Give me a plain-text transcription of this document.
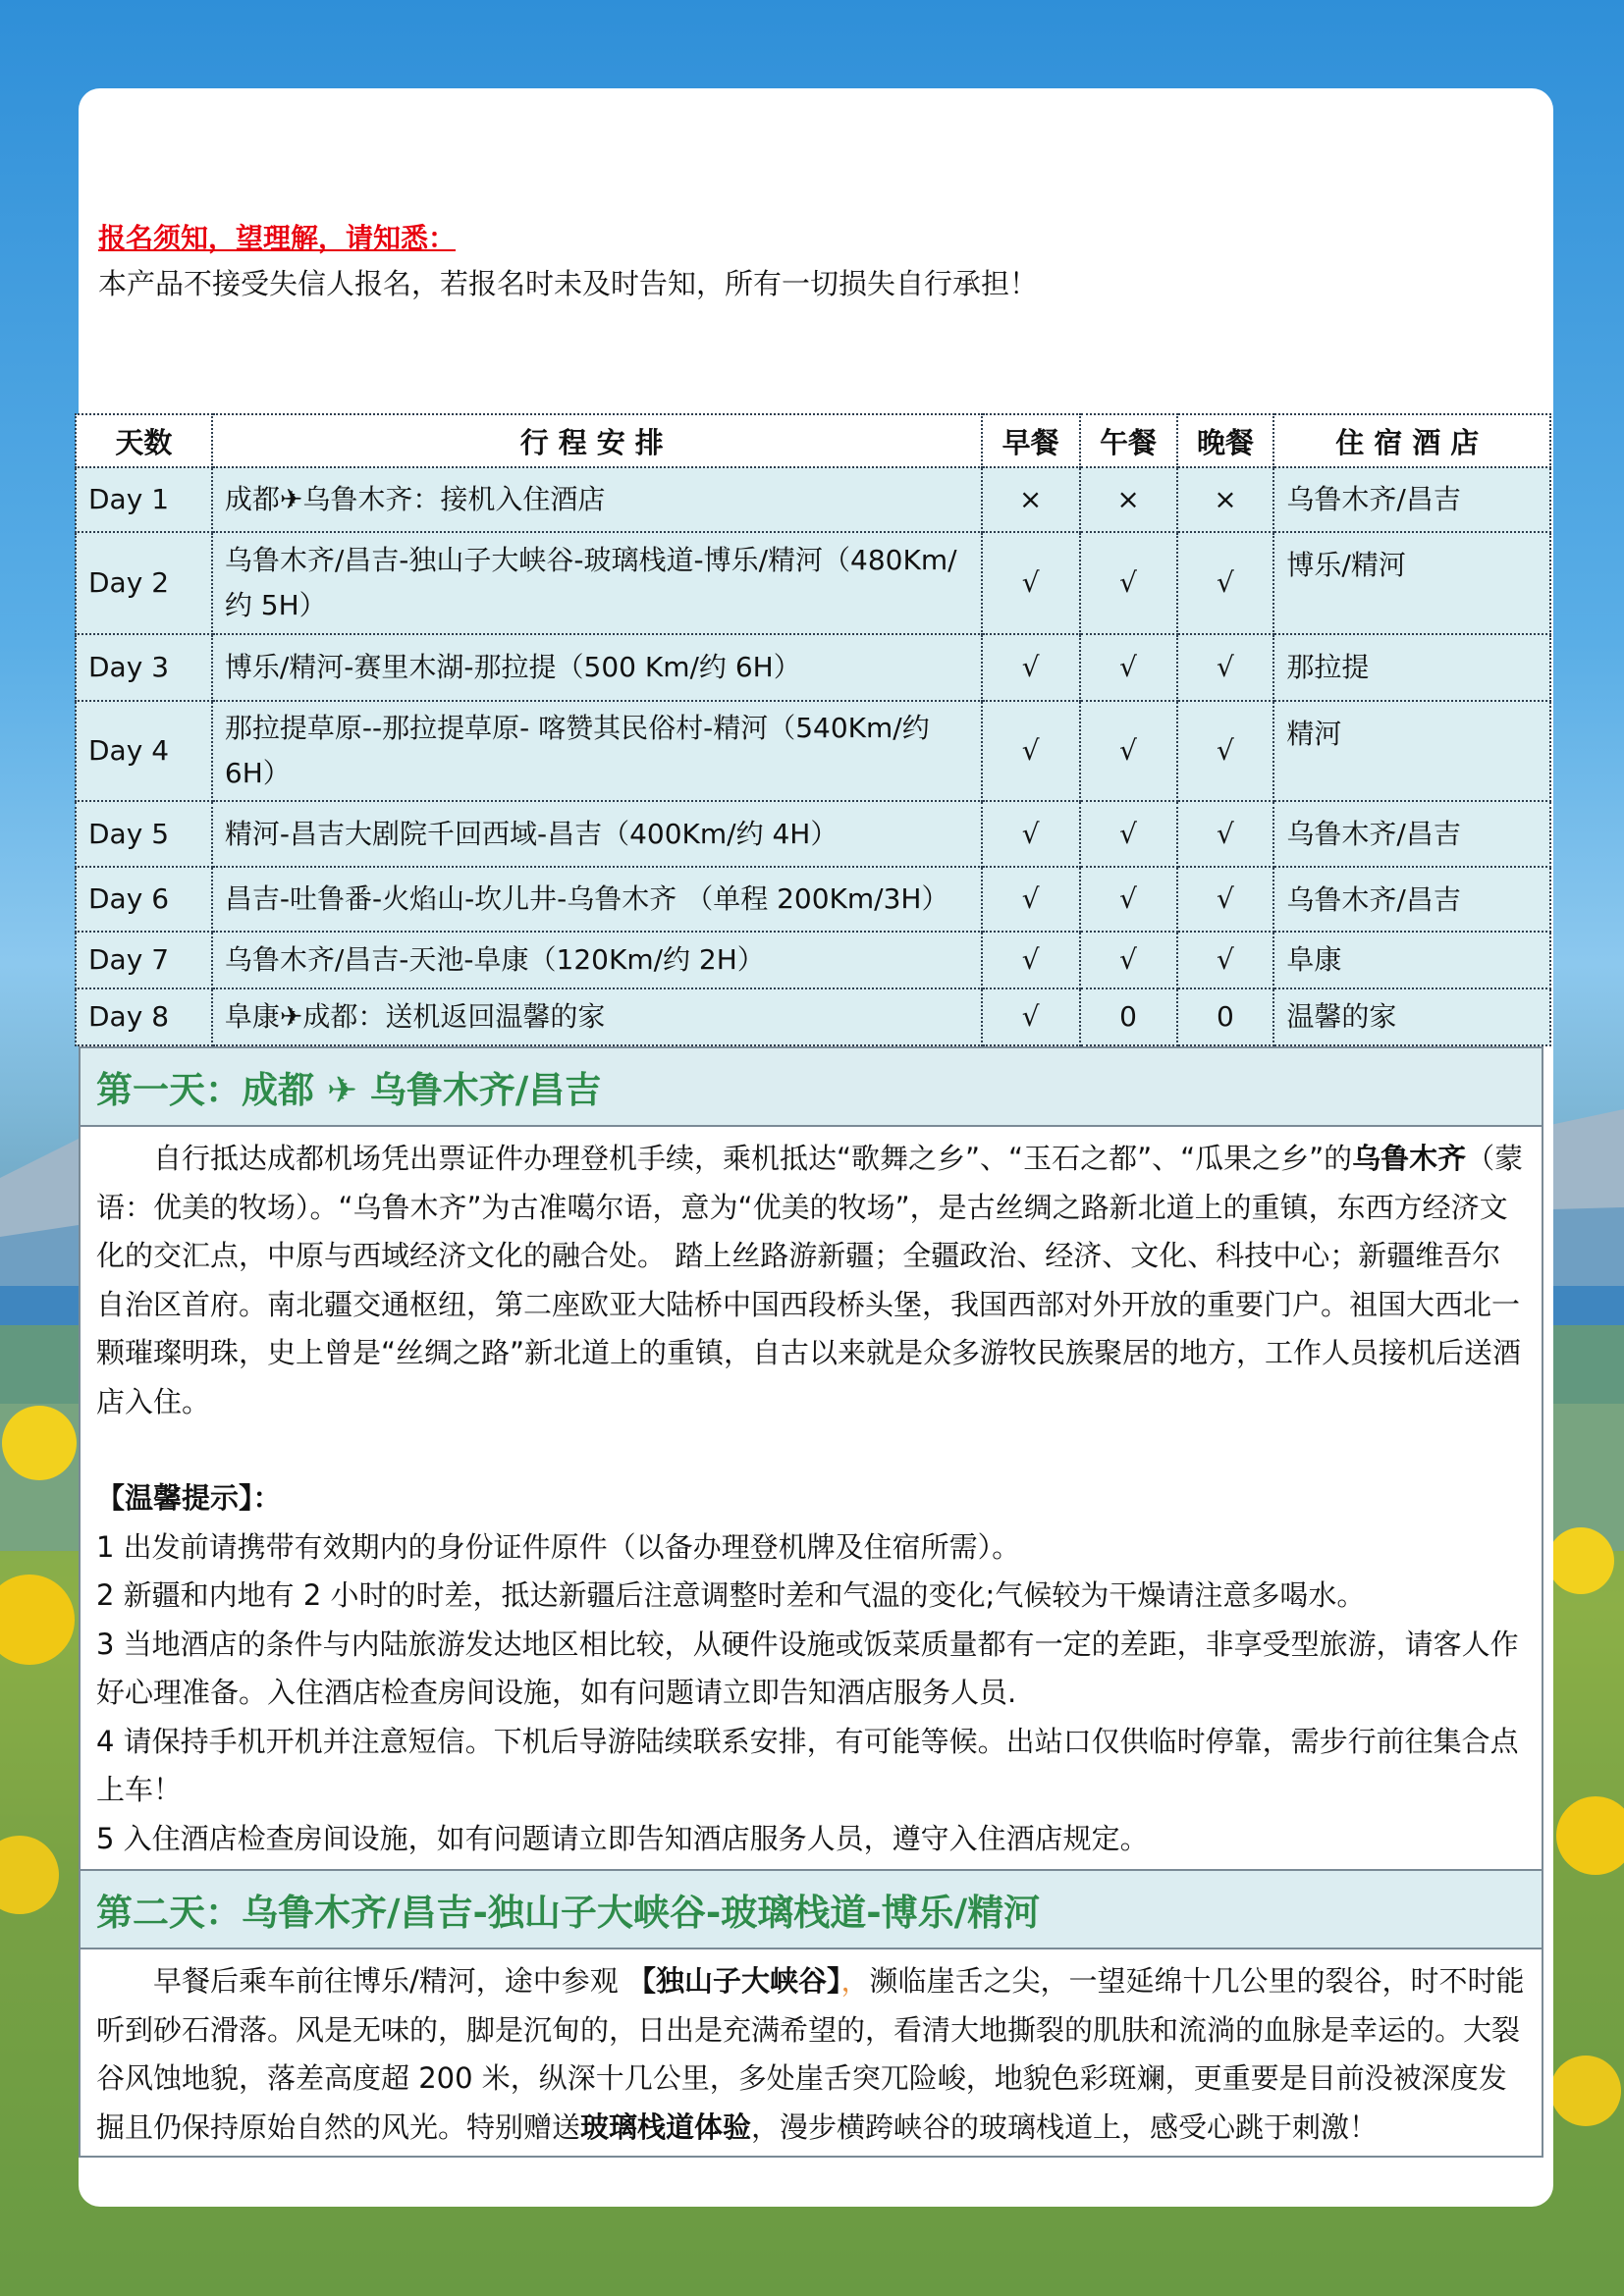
报名须知，望理解，请知悉：
本产品不接受失信人报名，若报名时未及时告知，所有一切损失自行承担！
天数	行程安排	早餐	午餐	晚餐	住宿酒店
Day 1	成都✈乌鲁木齐：接机入住酒店	×	×	×	乌鲁木齐/昌吉
Day 2	乌鲁木齐/昌吉-独山子大峡谷-玻璃栈道-博乐/精河（480Km/约 5H）	√	√	√	博乐/精河
Day 3	博乐/精河-赛里木湖-那拉提（500 Km/约 6H）	√	√	√	那拉提
Day 4	那拉提草原--那拉提草原- 喀赞其民俗村-精河（540Km/约 6H）	√	√	√	精河
Day 5	精河-昌吉大剧院千回西域-昌吉（400Km/约 4H）	√	√	√	乌鲁木齐/昌吉
Day 6	昌吉-吐鲁番-火焰山-坎儿井-乌鲁木齐 （单程 200Km/3H）	√	√	√	乌鲁木齐/昌吉
Day 7	乌鲁木齐/昌吉-天池-阜康（120Km/约 2H）	√	√	√	阜康
Day 8	阜康✈成都：送机返回温馨的家	√	0	0	温馨的家
第一天：成都 ✈ 乌鲁木齐/昌吉

自行抵达成都机场凭出票证件办理登机手续，乘机抵达“歌舞之乡”、“玉石之都”、“瓜果之乡”的乌鲁木齐（蒙语：优美的牧场）。“乌鲁木齐”为古准噶尔语，意为“优美的牧场”，是古丝绸之路新北道上的重镇，东西方经济文化的交汇点，中原与西域经济文化的融合处。 踏上丝路游新疆；全疆政治、经济、文化、科技中心；新疆维吾尔自治区首府。南北疆交通枢纽，第二座欧亚大陆桥中国西段桥头堡，我国西部对外开放的重要门户。祖国大西北一颗璀璨明珠，史上曾是“丝绸之路”新北道上的重镇，自古以来就是众多游牧民族聚居的地方，工作人员接机后送酒店入住。

【温馨提示】：

1 出发前请携带有效期内的身份证件原件（以备办理登机牌及住宿所需）。

2 新疆和内地有 2 小时的时差，抵达新疆后注意调整时差和气温的变化;气候较为干燥请注意多喝水。

3 当地酒店的条件与内陆旅游发达地区相比较，从硬件设施或饭菜质量都有一定的差距，非享受型旅游，请客人作好心理准备。入住酒店检查房间设施，如有问题请立即告知酒店服务人员.

4 请保持手机开机并注意短信。下机后导游陆续联系安排，有可能等候。出站口仅供临时停靠，需步行前往集合点上车！

5 入住酒店检查房间设施，如有问题请立即告知酒店服务人员，遵守入住酒店规定。

第二天：乌鲁木齐/昌吉-独山子大峡谷-玻璃栈道-博乐/精河

早餐后乘车前往博乐/精河，途中参观 【独山子大峡谷】，濒临崖舌之尖，一望延绵十几公里的裂谷，时不时能听到砂石滑落。风是无味的，脚是沉甸的，日出是充满希望的，看清大地撕裂的肌肤和流淌的血脉是幸运的。大裂谷风蚀地貌，落差高度超 200 米，纵深十几公里，多处崖舌突兀险峻，地貌色彩斑斓，更重要是目前没被深度发掘且仍保持原始自然的风光。特别赠送玻璃栈道体验，漫步横跨峡谷的玻璃栈道上，感受心跳于刺激！
